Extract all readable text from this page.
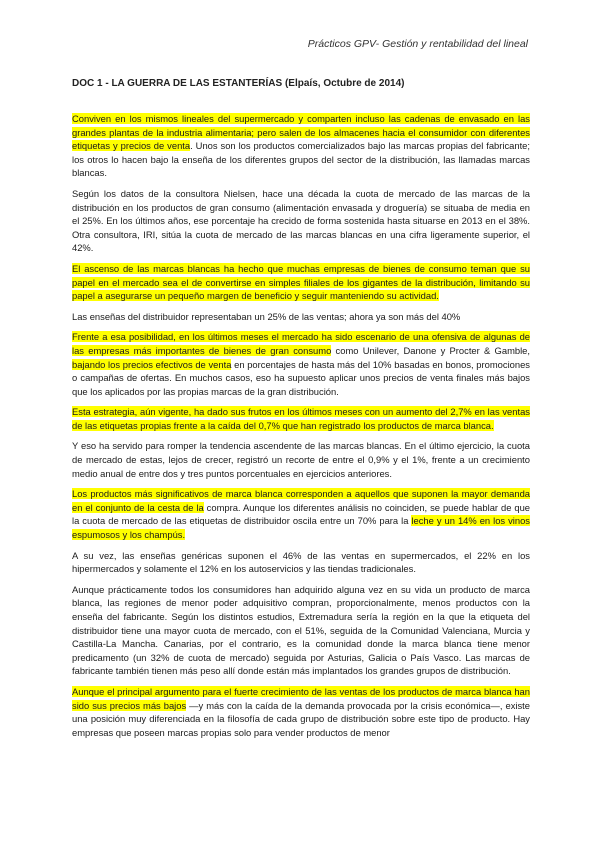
Prácticos GPV- Gestión y rentabilidad del lineal
DOC 1 - LA GUERRA DE LAS ESTANTERÍAS (Elpaís, Octubre de 2014)

Conviven en los mismos lineales del supermercado y comparten incluso las cadenas de envasado en las grandes plantas de la industria alimentaria; pero salen de los almacenes hacia el consumidor con diferentes etiquetas y precios de venta. Unos son los productos comercializados bajo las marcas propias del fabricante; los otros lo hacen bajo la enseña de los diferentes grupos del sector de la distribución, las llamadas marcas blancas.

Según los datos de la consultora Nielsen, hace una década la cuota de mercado de las marcas de la distribución en los productos de gran consumo (alimentación envasada y droguería) se situaba de media en el 25%. En los últimos años, ese porcentaje ha crecido de forma sostenida hasta situarse en 2013 en el 38%. Otra consultora, IRI, sitúa la cuota de mercado de las marcas blancas en una cifra ligeramente superior, el 42%.

El ascenso de las marcas blancas ha hecho que muchas empresas de bienes de consumo teman que su papel en el mercado sea el de convertirse en simples filiales de los gigantes de la distribución, limitando su papel a asegurarse un pequeño margen de beneficio y seguir manteniendo su actividad.

Las enseñas del distribuidor representaban un 25% de las ventas; ahora ya son más del 40%

Frente a esa posibilidad, en los últimos meses el mercado ha sido escenario de una ofensiva de algunas de las empresas más importantes de bienes de gran consumo como Unilever, Danone y Procter & Gamble, bajando los precios efectivos de venta en porcentajes de hasta más del 10% basadas en bonos, promociones o campañas de ofertas. En muchos casos, eso ha supuesto aplicar unos precios de venta finales más bajos que los aplicados por las propias marcas de la gran distribución.

Esta estrategia, aún vigente, ha dado sus frutos en los últimos meses con un aumento del 2,7% en las ventas de las etiquetas propias frente a la caída del 0,7% que han registrado los productos de marca blanca.

Y eso ha servido para romper la tendencia ascendente de las marcas blancas. En el último ejercicio, la cuota de mercado de estas, lejos de crecer, registró un recorte de entre el 0,9% y el 1%, frente a un crecimiento medio anual de entre dos y tres puntos porcentuales en ejercicios anteriores.

Los productos más significativos de marca blanca corresponden a aquellos que suponen la mayor demanda en el conjunto de la cesta de la compra. Aunque los diferentes análisis no coinciden, se puede hablar de que la cuota de mercado de las etiquetas de distribuidor oscila entre un 70% para la leche y un 14% en los vinos espumosos y los champús.

A su vez, las enseñas genéricas suponen el 46% de las ventas en supermercados, el 22% en los hipermercados y solamente el 12% en los autoservicios y las tiendas tradicionales.

Aunque prácticamente todos los consumidores han adquirido alguna vez en su vida un producto de marca blanca, las regiones de menor poder adquisitivo compran, proporcionalmente, menos productos con la enseña del fabricante. Según los distintos estudios, Extremadura sería la región en la que la etiqueta del distribuidor tiene una mayor cuota de mercado, con el 51%, seguida de la Comunidad Valenciana, Murcia y Castilla-La Mancha. Canarias, por el contrario, es la comunidad donde la marca blanca tiene menor predicamento (un 32% de cuota de mercado) seguida por Asturias, Galicia o País Vasco. Las marcas de fabricante también tienen más peso allí donde están más implantados los grandes grupos de distribución.

Aunque el principal argumento para el fuerte crecimiento de las ventas de los productos de marca blanca han sido sus precios más bajos —y más con la caída de la demanda provocada por la crisis económica—, existe una posición muy diferenciada en la filosofía de cada grupo de distribución sobre este tipo de producto. Hay empresas que poseen marcas propias solo para vender productos de menor
